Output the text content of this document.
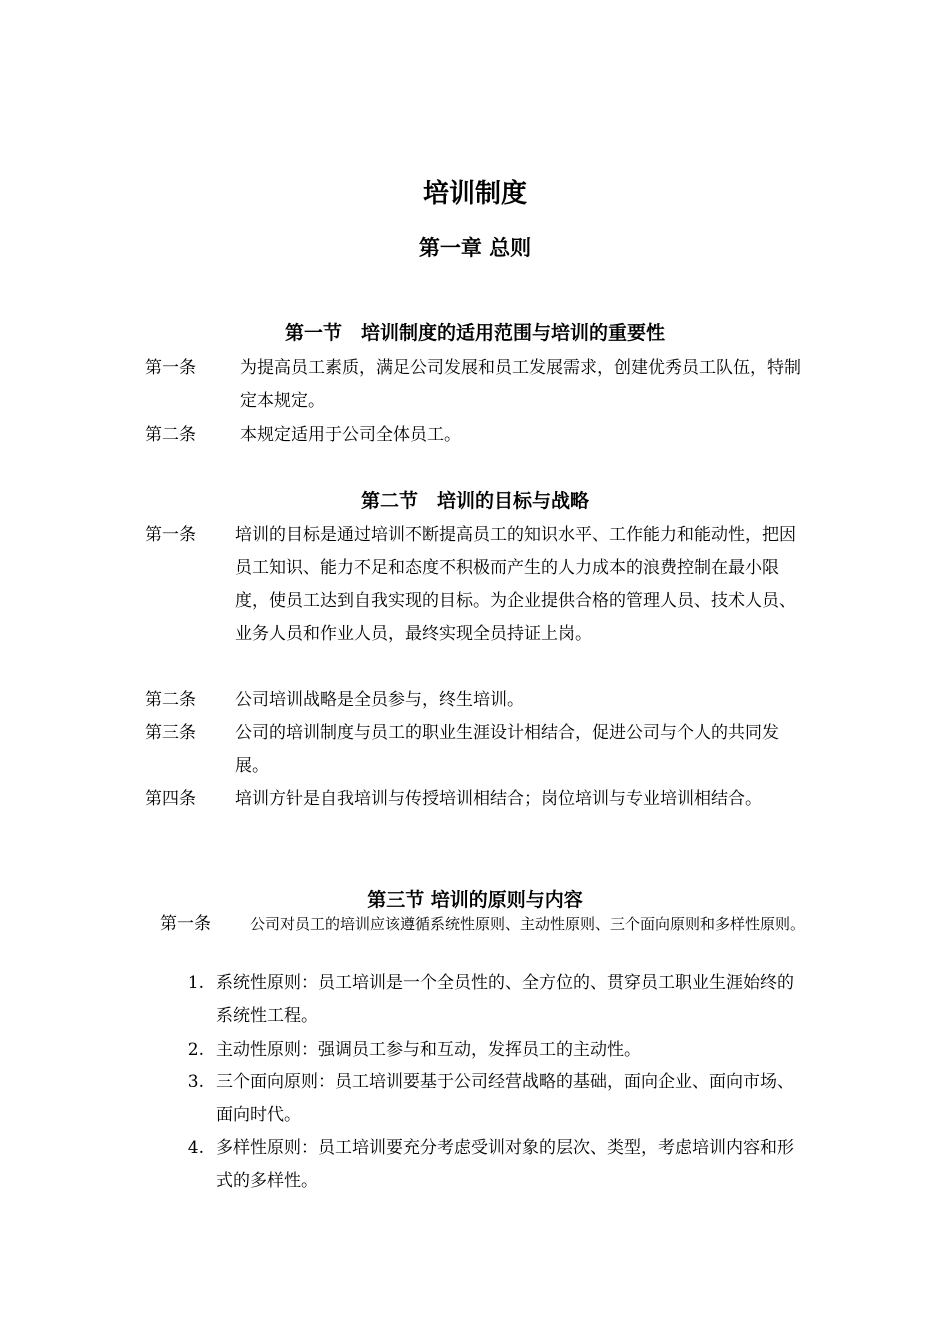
培训制度
第一章 总则
第一节　培训制度的适用范围与培训的重要性
第一条	为提高员工素质，满足公司发展和员工发展需求，创建优秀员工队伍，特制定本规定。
第二条	本规定适用于公司全体员工。
第二节　培训的目标与战略
第一条 培训的目标是通过培训不断提高员工的知识水平、工作能力和能动性，把因员工知识、能力不足和态度不积极而产生的人力成本的浪费控制在最小限度，使员工达到自我实现的目标。为企业提供合格的管理人员、技术人员、业务人员和作业人员，最终实现全员持证上岗。
第二条 公司培训战略是全员参与，终生培训。
第三条 公司的培训制度与员工的职业生涯设计相结合，促进公司与个人的共同发展。
第四条 培训方针是自我培训与传授培训相结合；岗位培训与专业培训相结合。
第三节 培训的原则与内容
第一条	公司对员工的培训应该遵循系统性原则、主动性原则、三个面向原则和多样性原则。
1. 系统性原则：员工培训是一个全员性的、全方位的、贯穿员工职业生涯始终的系统性工程。
2. 主动性原则：强调员工参与和互动，发挥员工的主动性。
3. 三个面向原则：员工培训要基于公司经营战略的基础，面向企业、面向市场、面向时代。
4. 多样性原则：员工培训要充分考虑受训对象的层次、类型，考虑培训内容和形式的多样性。
